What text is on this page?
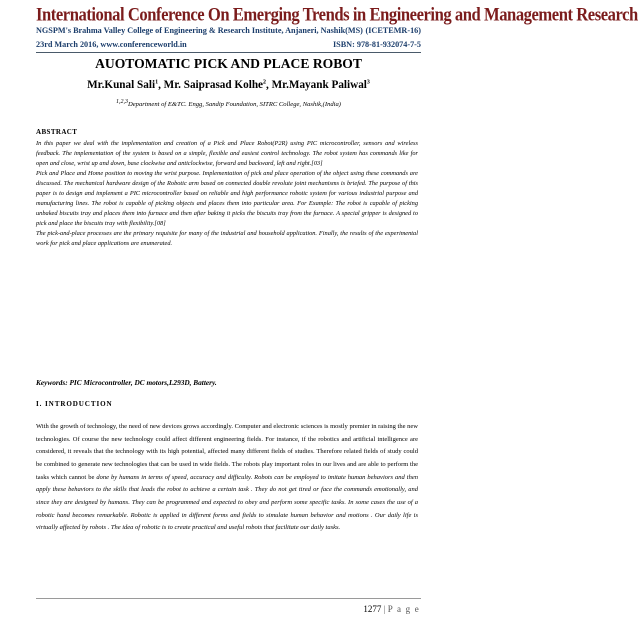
International Conference On Emerging Trends in Engineering and Management Research
NGSPM's Brahma Valley College of Engineering & Research Institute, Anjaneri, Nashik(MS) (ICETEMR-16)
23rd March 2016, www.conferenceworld.in	ISBN: 978-81-932074-7-5
AUOTOMATIC PICK AND PLACE ROBOT
Mr.Kunal Sali$^1$, Mr. Saiprasad Kolhe$^2$, Mr.Mayank Paliwal$^3$
$^{1,2,3}$Department of E&TC. Engg, Sandip Foundation, SITRC College, Nashik,(India)
ABSTRACT

In this paper we deal with the implementation and creation of a Pick and Place Robot(P2R) using PIC microcontroller, sensors and wireless feedback. The implementation of the system is based on a simple, flexible and easiest control technology. The robot system has commands like for open and close, wrist up and down, base clockwise and anticlockwise, forward and backward, left and right.[03]

Pick and Place and Home position to moving the wrist purpose. Implementation of pick and place operation of the object using these commands are discussed. The mechanical hardware design of the Robotic arm based on connected double revolute joint mechanisms is briefed. The purpose of this paper is to design and implement a PIC microcontroller based on reliable and high performance robotic system for various industrial purpose and manufacturing lines. The robot is capable of picking objects and places them into particular area. For Example: The robot is capable of picking unbaked biscuits tray and places them into furnace and then after baking it picks the biscuits tray from the furnace. A special gripper is designed to pick and place the biscuits tray with flexibility.[08]

The pick-and-place processes are the primary requisite for many of the industrial and household application. Finally, the results of the experimental work for pick and place applications are enumerated.

Keywords: PIC Microcontroller, DC motors,L293D, Battery.
I. INTRODUCTION

With the growth of technology, the need of new devices grows accordingly. Computer and electronic sciences is mostly premier in raising the new technologies. Of course the new technology could affect different engineering fields. For instance, if the robotics and artificial intelligence are considered, it reveals that the technology with its high potential, affected many different fields of studies. Therefore related fields of study could be combined to generate new technologies that can be used in wide fields. The robots play important roles in our lives and are able to perform the tasks which cannot be done by humans in terms of speed, accuracy and difficulty. Robots can be employed to imitate human behaviors and then apply these behaviors to the skills that leads the robot to achieve a certain task . They do not get tired or face the commands emotionally, and since they are designed by humans. They can be programmed and expected to obey and perform some specific tasks. In some cases the use of a robotic hand becomes remarkable. Robotic is applied in different forms and fields to simulate human behavior and motions . Our daily life is virtually affected by robots . The idea of robotic is to create practical and useful robots that facilitate our daily tasks.

1277 | P a g e
